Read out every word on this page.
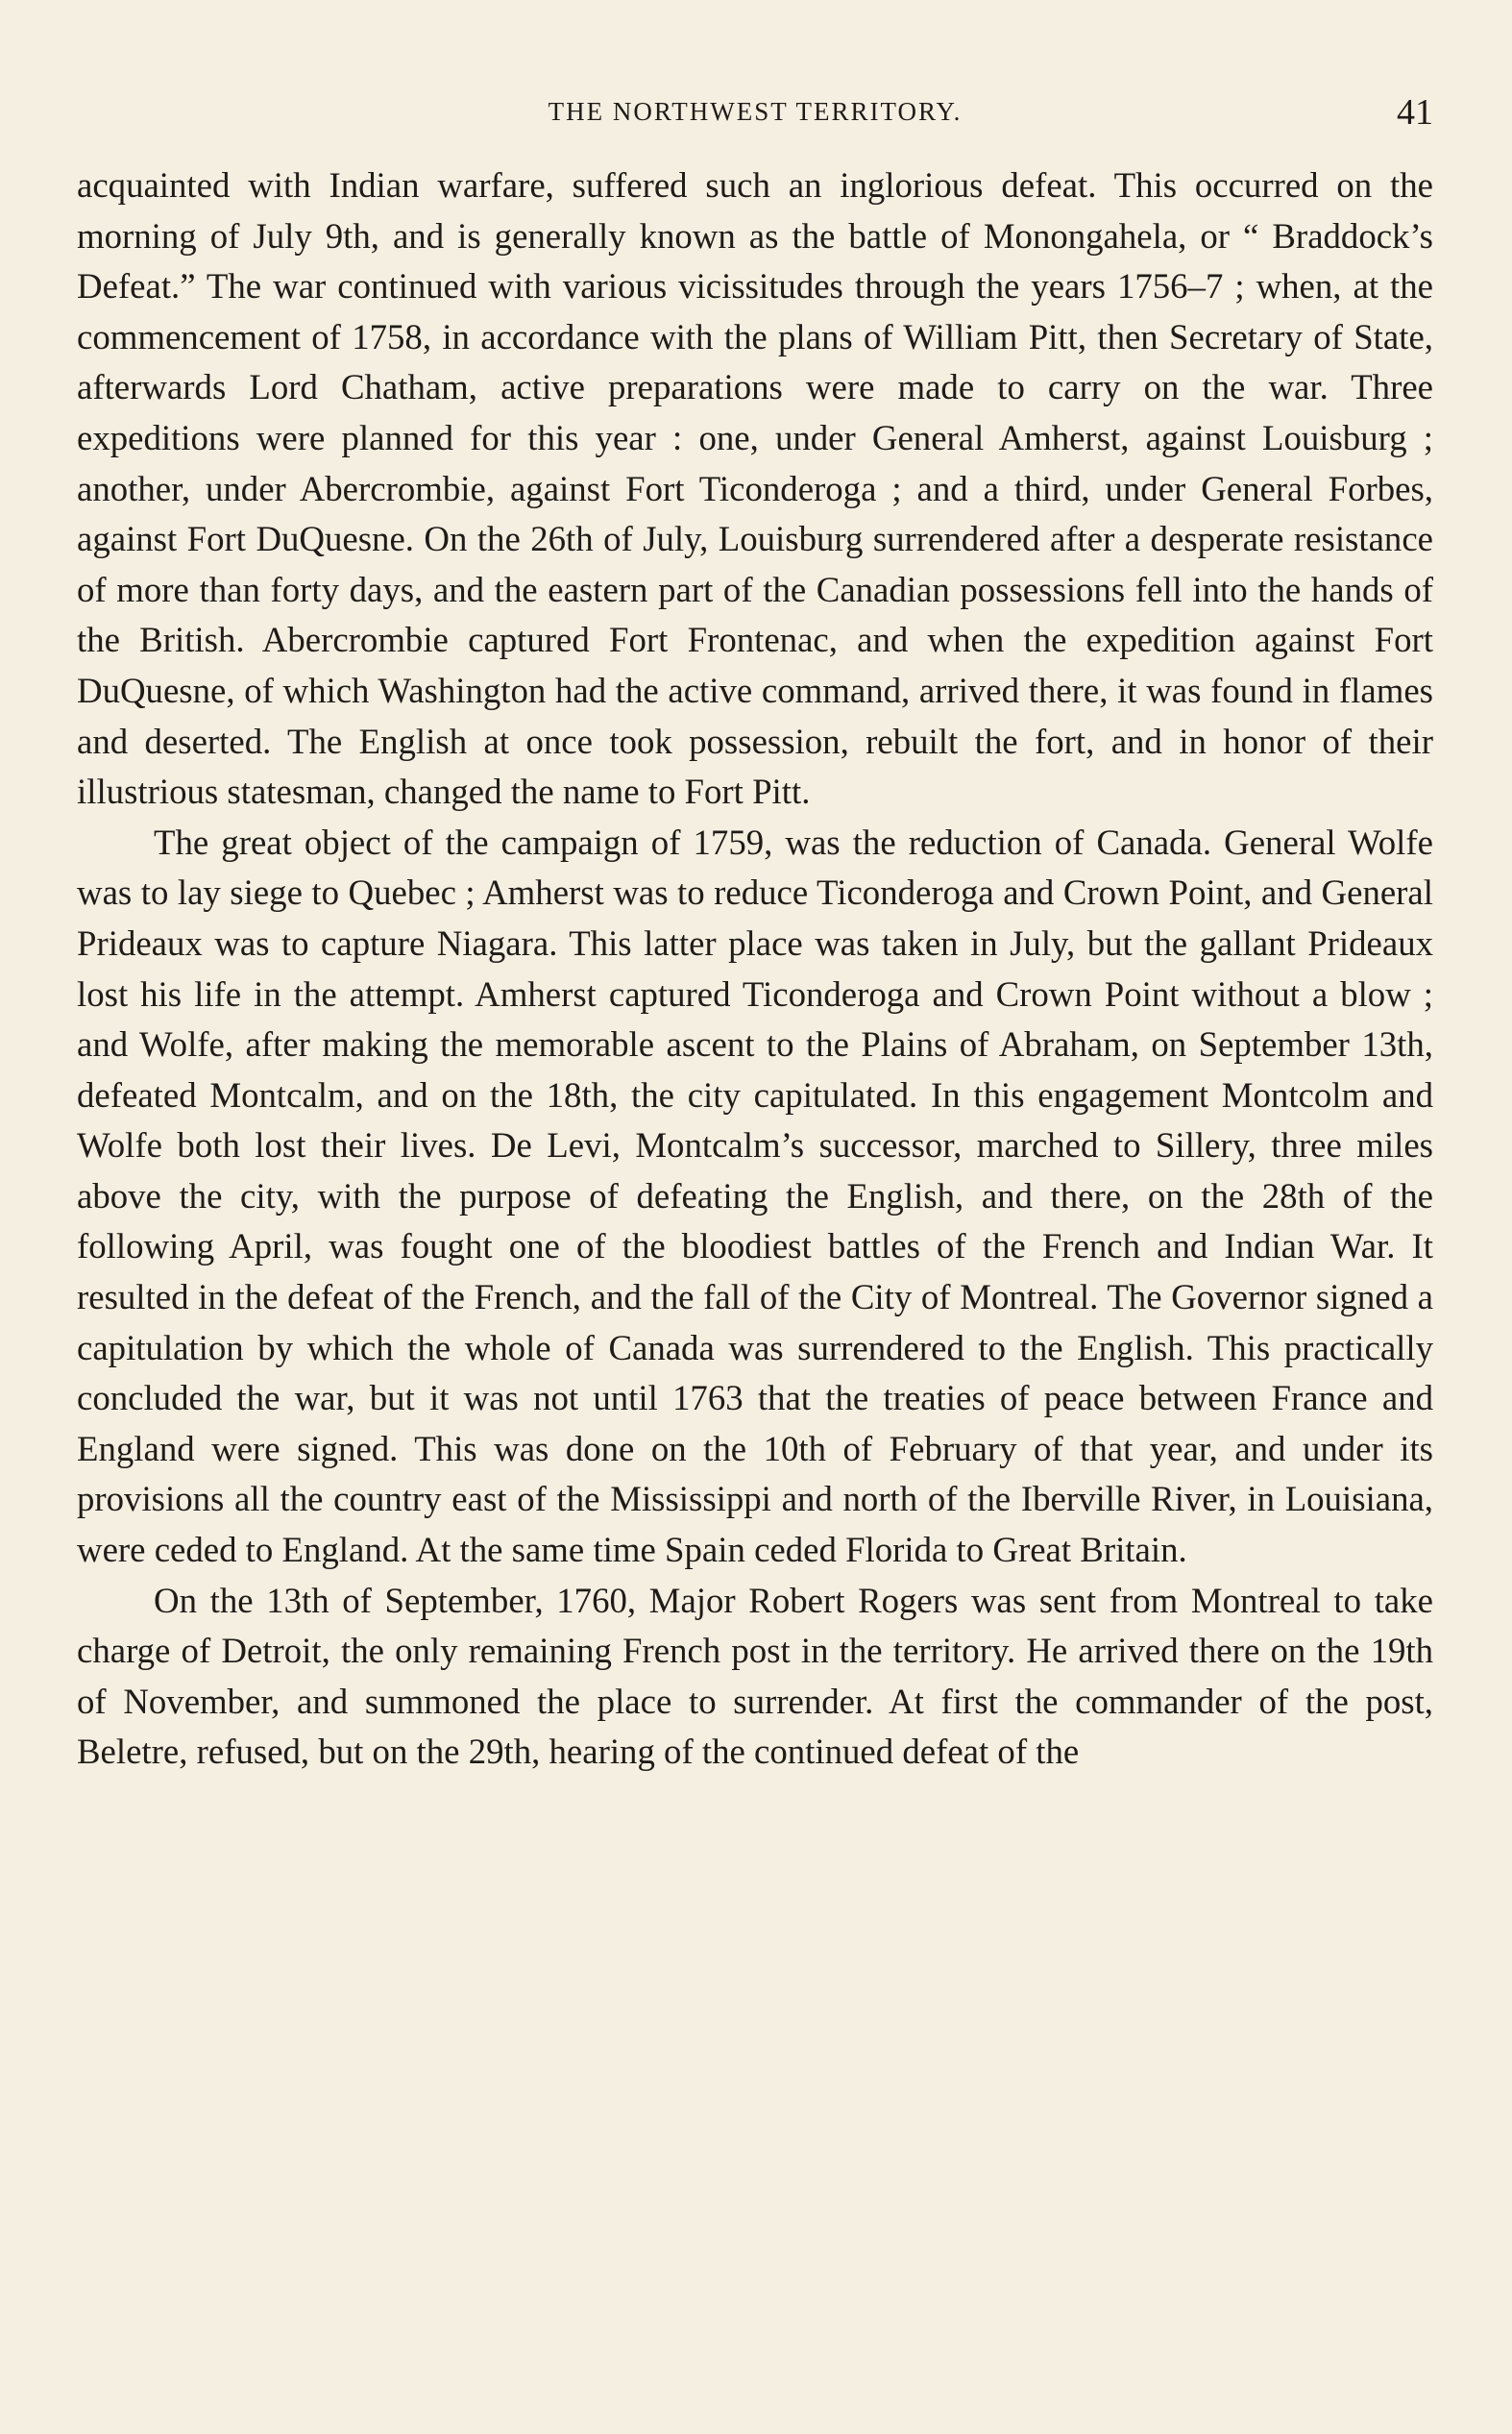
THE NORTHWEST TERRITORY.	41

acquainted with Indian warfare, suffered such an inglorious defeat. This occurred on the morning of July 9th, and is generally known as the battle of Monongahela, or “ Braddock’s Defeat.” The war continued with various vicissitudes through the years 1756–7 ; when, at the commencement of 1758, in accordance with the plans of William Pitt, then Secretary of State, afterwards Lord Chatham, active preparations were made to carry on the war. Three expeditions were planned for this year : one, under General Amherst, against Louisburg ; another, under Abercrombie, against Fort Ticonderoga ; and a third, under General Forbes, against Fort DuQuesne. On the 26th of July, Louisburg surrendered after a desperate resistance of more than forty days, and the eastern part of the Canadian possessions fell into the hands of the British. Abercrombie captured Fort Frontenac, and when the expedition against Fort DuQuesne, of which Washington had the active command, arrived there, it was found in flames and deserted. The English at once took possession, rebuilt the fort, and in honor of their illustrious statesman, changed the name to Fort Pitt.

The great object of the campaign of 1759, was the reduction of Canada. General Wolfe was to lay siege to Quebec ; Amherst was to reduce Ticonderoga and Crown Point, and General Prideaux was to capture Niagara. This latter place was taken in July, but the gallant Prideaux lost his life in the attempt. Amherst captured Ticonderoga and Crown Point without a blow ; and Wolfe, after making the memorable ascent to the Plains of Abraham, on September 13th, defeated Montcalm, and on the 18th, the city capitulated. In this engagement Montcolm and Wolfe both lost their lives. De Levi, Montcalm’s successor, marched to Sillery, three miles above the city, with the purpose of defeating the English, and there, on the 28th of the following April, was fought one of the bloodiest battles of the French and Indian War. It resulted in the defeat of the French, and the fall of the City of Montreal. The Governor signed a capitulation by which the whole of Canada was surrendered to the English. This practically concluded the war, but it was not until 1763 that the treaties of peace between France and England were signed. This was done on the 10th of February of that year, and under its provisions all the country east of the Mississippi and north of the Iberville River, in Louisiana, were ceded to England. At the same time Spain ceded Florida to Great Britain.

On the 13th of September, 1760, Major Robert Rogers was sent from Montreal to take charge of Detroit, the only remaining French post in the territory. He arrived there on the 19th of November, and summoned the place to surrender. At first the commander of the post, Beletre, refused, but on the 29th, hearing of the continued defeat of the
